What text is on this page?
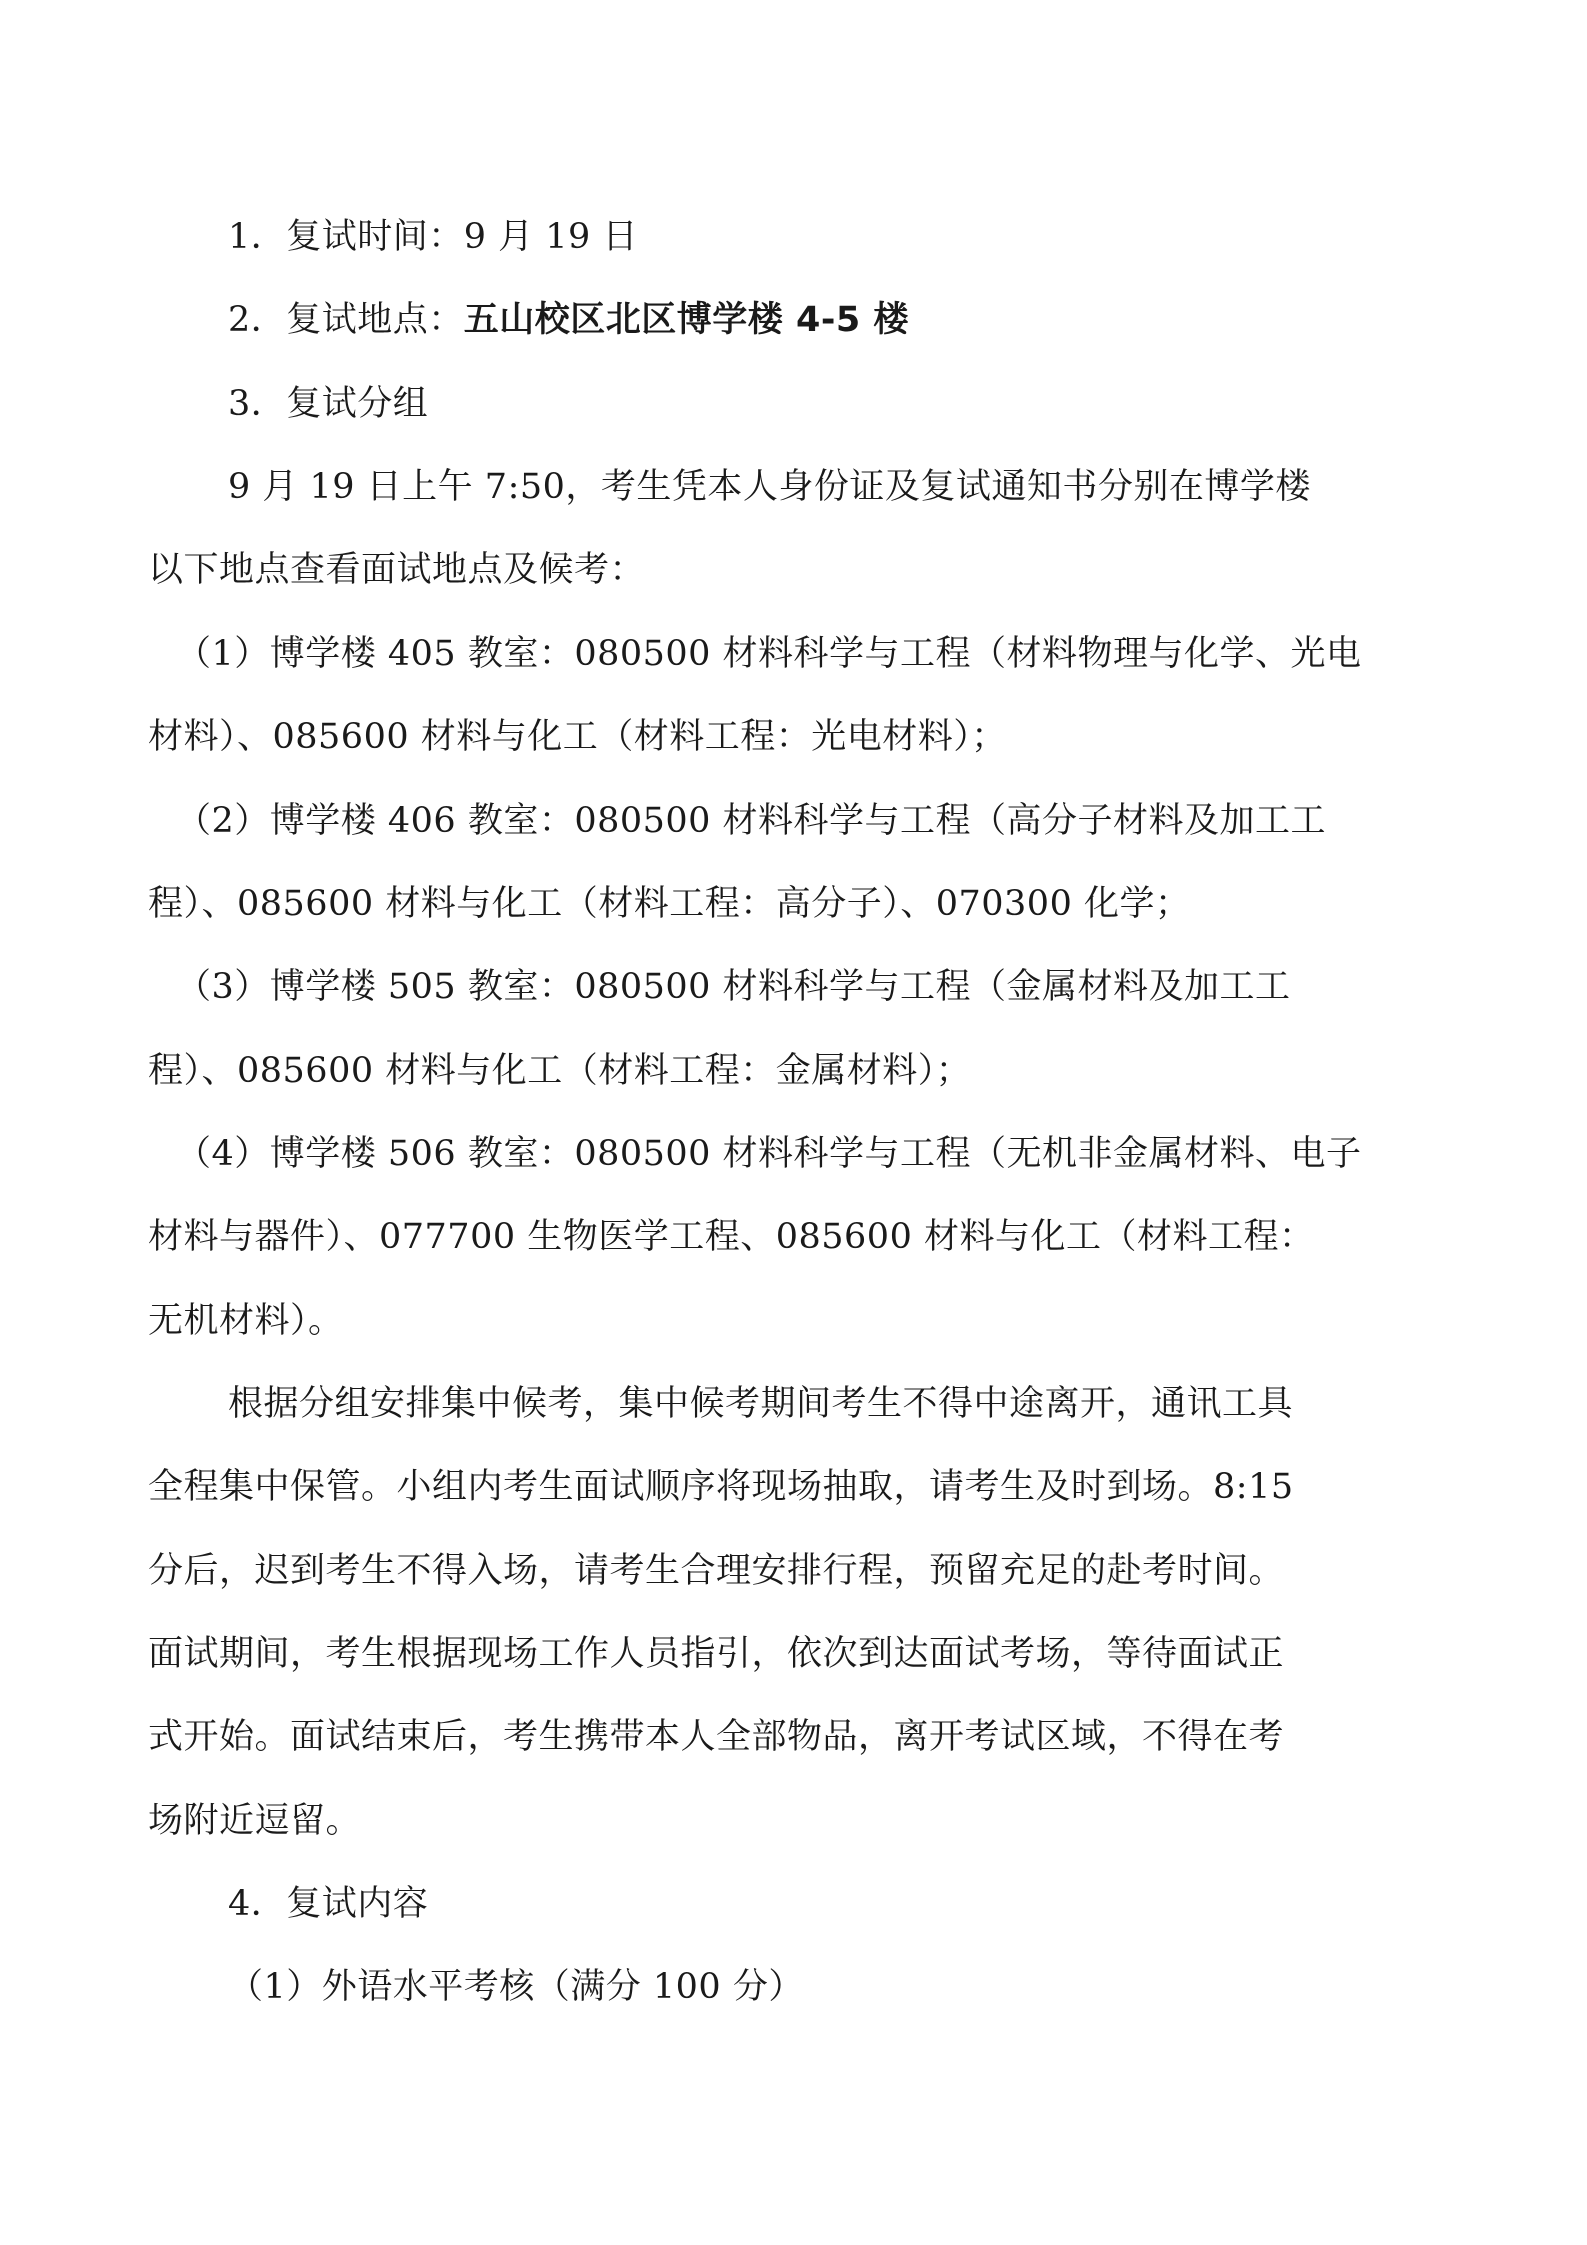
1．复试时间：9 月 19 日
2．复试地点：五山校区北区博学楼 4-5 楼
3．复试分组
9 月 19 日上午 7:50，考生凭本人身份证及复试通知书分别在博学楼
以下地点查看面试地点及候考：
（1）博学楼 405 教室：080500 材料科学与工程（材料物理与化学、光电
材料）、085600 材料与化工（材料工程：光电材料）；
（2）博学楼 406 教室：080500 材料科学与工程（高分子材料及加工工
程）、085600 材料与化工（材料工程：高分子）、070300 化学；
（3）博学楼 505 教室：080500 材料科学与工程（金属材料及加工工
程）、085600 材料与化工（材料工程：金属材料）；
（4）博学楼 506 教室：080500 材料科学与工程（无机非金属材料、电子
材料与器件）、077700 生物医学工程、085600 材料与化工（材料工程：
无机材料）。
根据分组安排集中候考，集中候考期间考生不得中途离开，通讯工具
全程集中保管。小组内考生面试顺序将现场抽取，请考生及时到场。8:15
分后，迟到考生不得入场，请考生合理安排行程，预留充足的赴考时间。
面试期间，考生根据现场工作人员指引，依次到达面试考场，等待面试正
式开始。面试结束后，考生携带本人全部物品，离开考试区域，不得在考
场附近逗留。
4．复试内容
（1）外语水平考核（满分 100 分）
